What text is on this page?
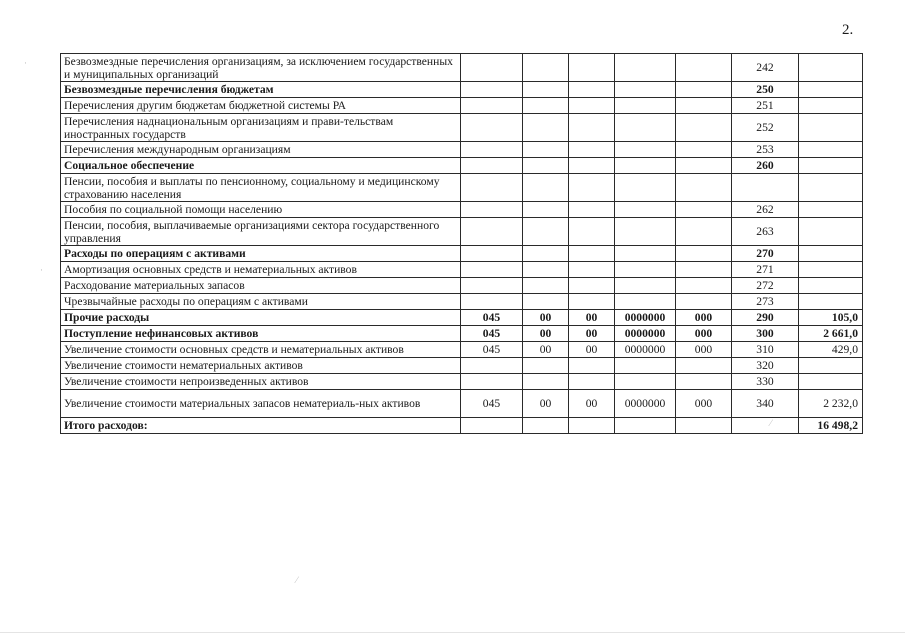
2.
Безвозмездные перечисления организациям, за исключением государственных и муниципальных организаций						242	
Безвозмездные перечисления бюджетам						250	
Перечисления другим бюджетам бюджетной системы РА						251	
Перечисления наднациональным организациям и прави-тельствам иностранных государств						252	
Перечисления международным организациям						253	
Социальное обеспечение						260	
Пенсии, пособия и выплаты по пенсионному, социальному и медицинскому страхованию населения							
Пособия по социальной помощи населению						262	
Пенсии, пособия, выплачиваемые организациями сектора государственного управления						263	
Расходы по операциям с активами						270	
Амортизация основных средств и нематериальных активов						271	
Расходование материальных запасов						272	
Чрезвычайные расходы по операциям с активами						273	
Прочие расходы	045	00	00	0000000	000	290	105,0
Поступление нефинансовых активов	045	00	00	0000000	000	300	2 661,0
Увеличение стоимости основных средств и нематериальных активов	045	00	00	0000000	000	310	429,0
Увеличение стоимости нематериальных активов						320	
Увеличение стоимости непроизведенных активов						330	
Увеличение стоимости материальных запасов нематериаль-ных активов	045	00	00	0000000	000	340	2 232,0
Итого расходов:							16 498,2
·
·
⁄
⁄
